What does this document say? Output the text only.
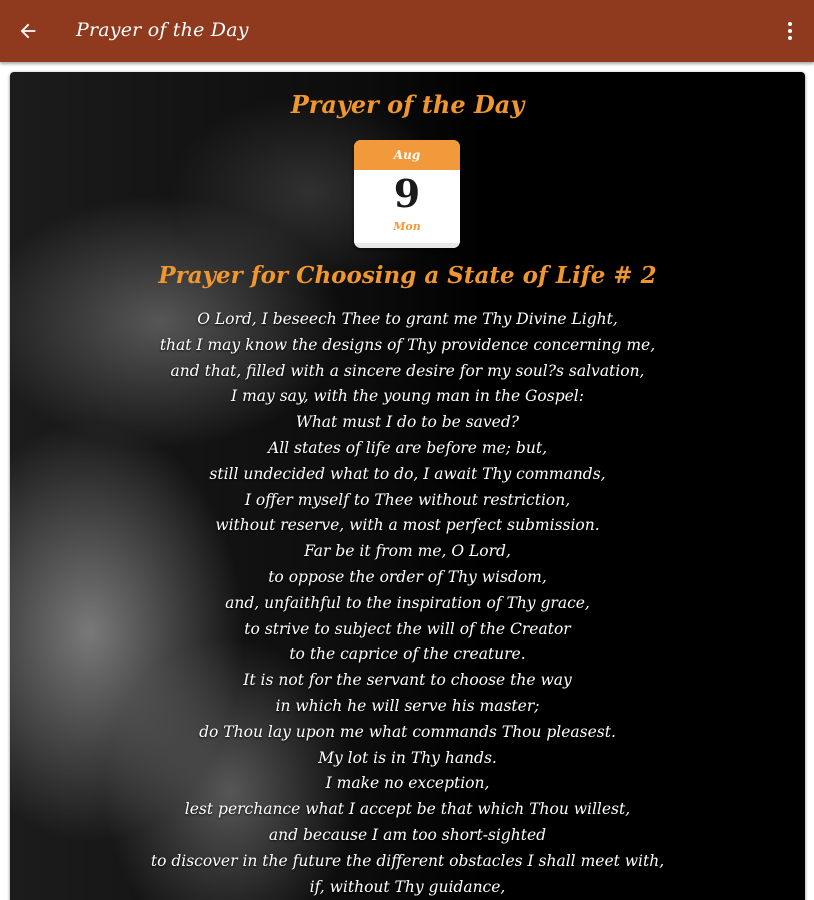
Prayer of the Day
Prayer of the Day
Aug
9
Mon
Prayer for Choosing a State of Life # 2
O Lord, I beseech Thee to grant me Thy Divine Light,
that I may know the designs of Thy providence concerning me,
and that, filled with a sincere desire for my soul?s salvation,
I may say, with the young man in the Gospel:
What must I do to be saved?
All states of life are before me; but,
still undecided what to do, I await Thy commands,
I offer myself to Thee without restriction,
without reserve, with a most perfect submission.
Far be it from me, O Lord,
to oppose the order of Thy wisdom,
and, unfaithful to the inspiration of Thy grace,
to strive to subject the will of the Creator
to the caprice of the creature.
It is not for the servant to choose the way
in which he will serve his master;
do Thou lay upon me what commands Thou pleasest.
My lot is in Thy hands.
I make no exception,
lest perchance what I accept be that which Thou willest,
and because I am too short-sighted
to discover in the future the different obstacles I shall meet with,
if, without Thy guidance,
